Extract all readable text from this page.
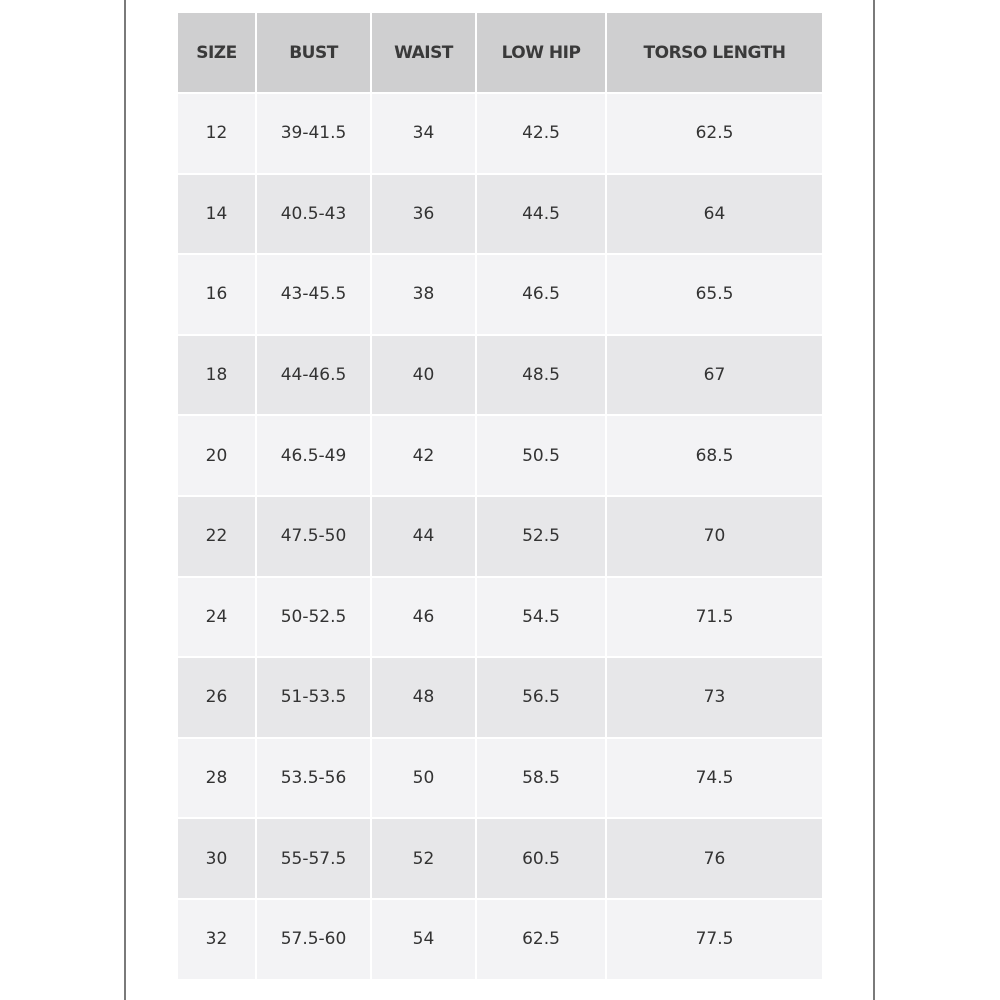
SIZE	BUST	WAIST	LOW HIP	TORSO LENGTH
12	39-41.5	34	42.5	62.5
14	40.5-43	36	44.5	64
16	43-45.5	38	46.5	65.5
18	44-46.5	40	48.5	67
20	46.5-49	42	50.5	68.5
22	47.5-50	44	52.5	70
24	50-52.5	46	54.5	71.5
26	51-53.5	48	56.5	73
28	53.5-56	50	58.5	74.5
30	55-57.5	52	60.5	76
32	57.5-60	54	62.5	77.5
